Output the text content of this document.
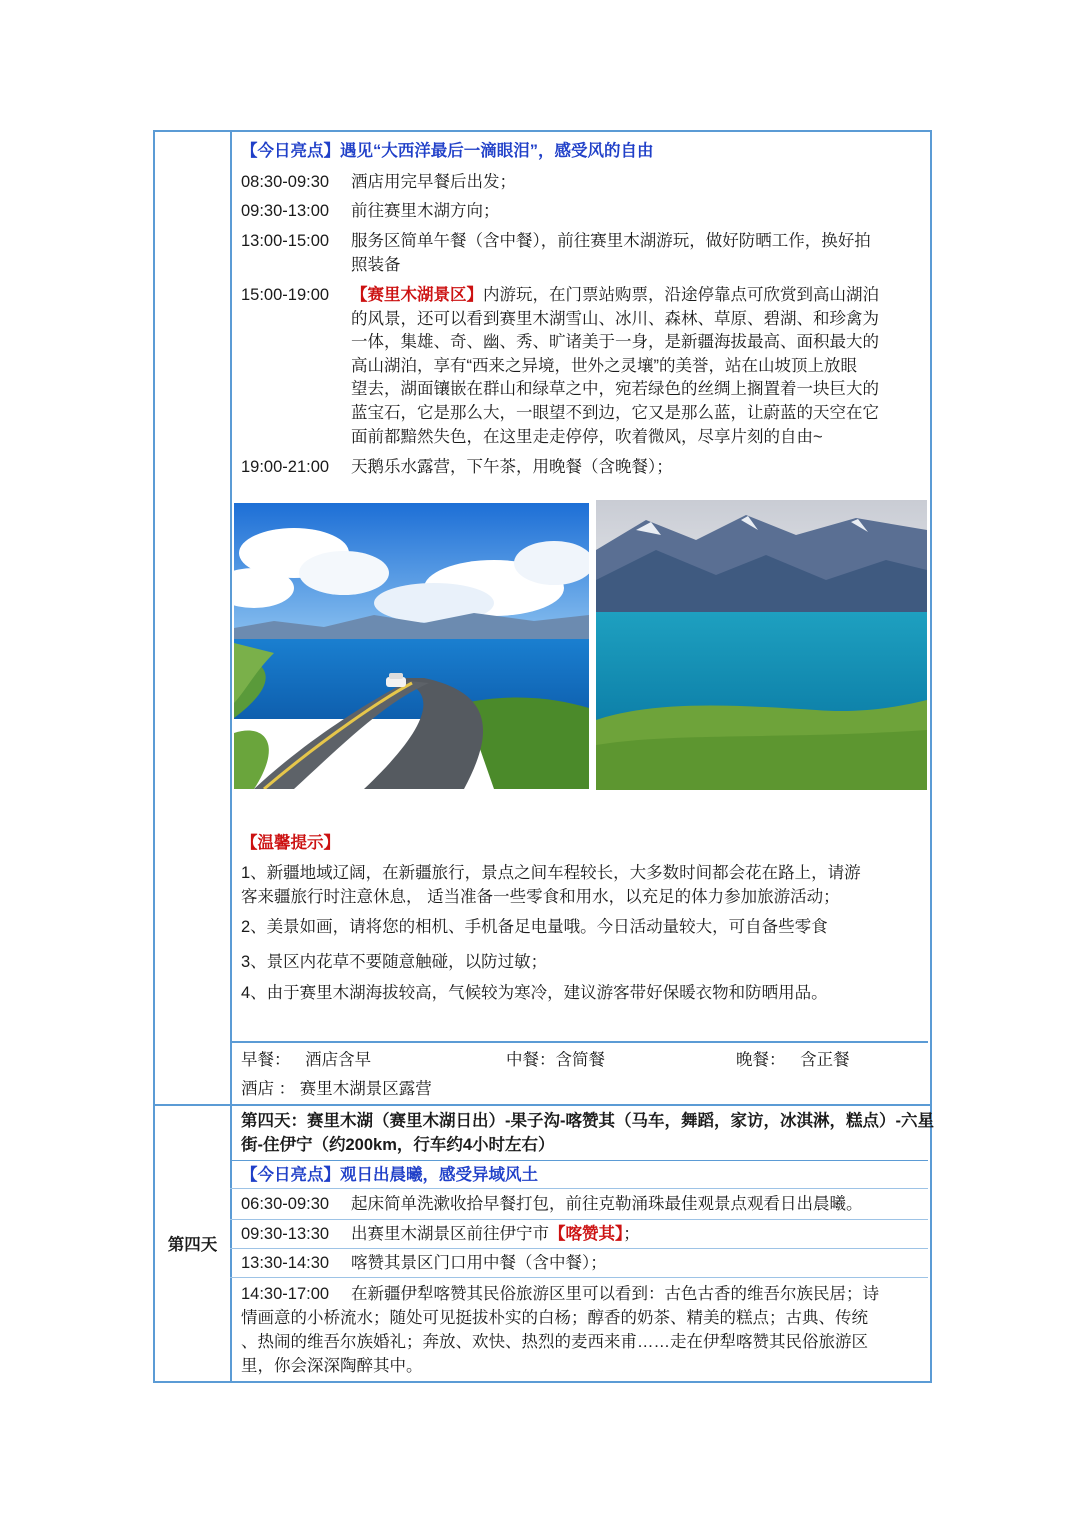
【今日亮点】遇见“大西洋最后一滴眼泪”，感受风的自由
08:30-09:30 酒店用完早餐后出发；
09:30-13:00 前往赛里木湖方向；
13:00-15:00 服务区简单午餐（含中餐），前往赛里木湖游玩，做好防晒工作，换好拍
照装备
15:00-19:00 【赛里木湖景区】内游玩，在门票站购票，沿途停靠点可欣赏到高山湖泊
的风景，还可以看到赛里木湖雪山、冰川、森林、草原、碧湖、和珍禽为
一体，集雄、奇、幽、秀、旷诸美于一身，是新疆海拔最高、面积最大的
高山湖泊，享有“西来之异境，世外之灵壤”的美誉，站在山坡顶上放眼
望去，湖面镶嵌在群山和绿草之中，宛若绿色的丝绸上搁置着一块巨大的
蓝宝石，它是那么大，一眼望不到边，它又是那么蓝，让蔚蓝的天空在它
面前都黯然失色，在这里走走停停，吹着微风，尽享片刻的自由~
19:00-21:00 天鹅乐水露营，下午茶，用晚餐（含晚餐）；
【温馨提示】
1、新疆地域辽阔，在新疆旅行，景点之间车程较长，大多数时间都会花在路上，请游
客来疆旅行时注意休息， 适当准备一些零食和用水，以充足的体力参加旅游活动；
2、美景如画，请将您的相机、手机备足电量哦。今日活动量较大，可自备些零食
3、景区内花草不要随意触碰，以防过敏；
4、由于赛里木湖海拔较高，气候较为寒冷，建议游客带好保暖衣物和防晒用品。
早餐： 酒店含早	中餐：含简餐	晚餐： 含正餐
酒店 ： 赛里木湖景区露营
第四天
第四天：赛里木湖（赛里木湖日出）-果子沟-喀赞其（马车，舞蹈，家访，冰淇淋，糕点）-六星
街-住伊宁（约200km，行车约4小时左右）
【今日亮点】观日出晨曦，感受异域风土
06:30-09:30 起床简单洗漱收拾早餐打包，前往克勒涌珠最佳观景点观看日出晨曦。
09:30-13:30 出赛里木湖景区前往伊宁市【喀赞其】；
13:30-14:30 喀赞其景区门口用中餐（含中餐）；
14:30-17:00 在新疆伊犁喀赞其民俗旅游区里可以看到：古色古香的维吾尔族民居；诗
情画意的小桥流水；随处可见挺拔朴实的白杨；醇香的奶茶、精美的糕点；古典、传统
、热闹的维吾尔族婚礼；奔放、欢快、热烈的麦西来甫……走在伊犁喀赞其民俗旅游区
里，你会深深陶醉其中。
